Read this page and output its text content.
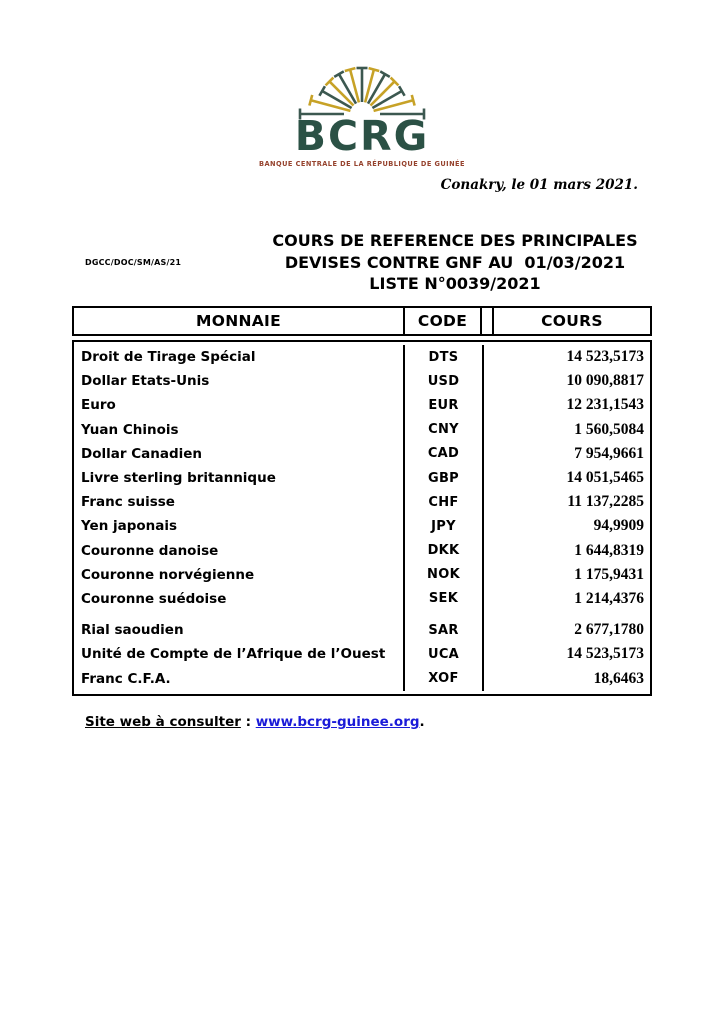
BCRG
BANQUE CENTRALE DE LA RÉPUBLIQUE DE GUINÉE
Conakry, le 01 mars 2021.
DGCC/DOC/SM/AS/21
COURS DE REFERENCE DES PRINCIPALES
DEVISES CONTRE GNF AU  01/03/2021
LISTE N°0039/2021
MONNAIE	CODE	COURS
Droit de Tirage Spécial
Dollar Etats-Unis
Euro
Yuan Chinois
Dollar Canadien
Livre sterling britannique
Franc suisse
Yen japonais
Couronne danoise
Couronne norvégienne
Couronne suédoise
Rial saoudien
Unité de Compte de l’Afrique de l’Ouest
Franc C.F.A.
DTS
USD
EUR
CNY
CAD
GBP
CHF
JPY
DKK
NOK
SEK
SAR
UCA
XOF
14 523,5173
10 090,8817
12 231,1543
1 560,5084
7 954,9661
14 051,5465
11 137,2285
94,9909
1 644,8319
1 175,9431
1 214,4376
2 677,1780
14 523,5173
18,6463
Site web à consulter : www.bcrg-guinee.org.
